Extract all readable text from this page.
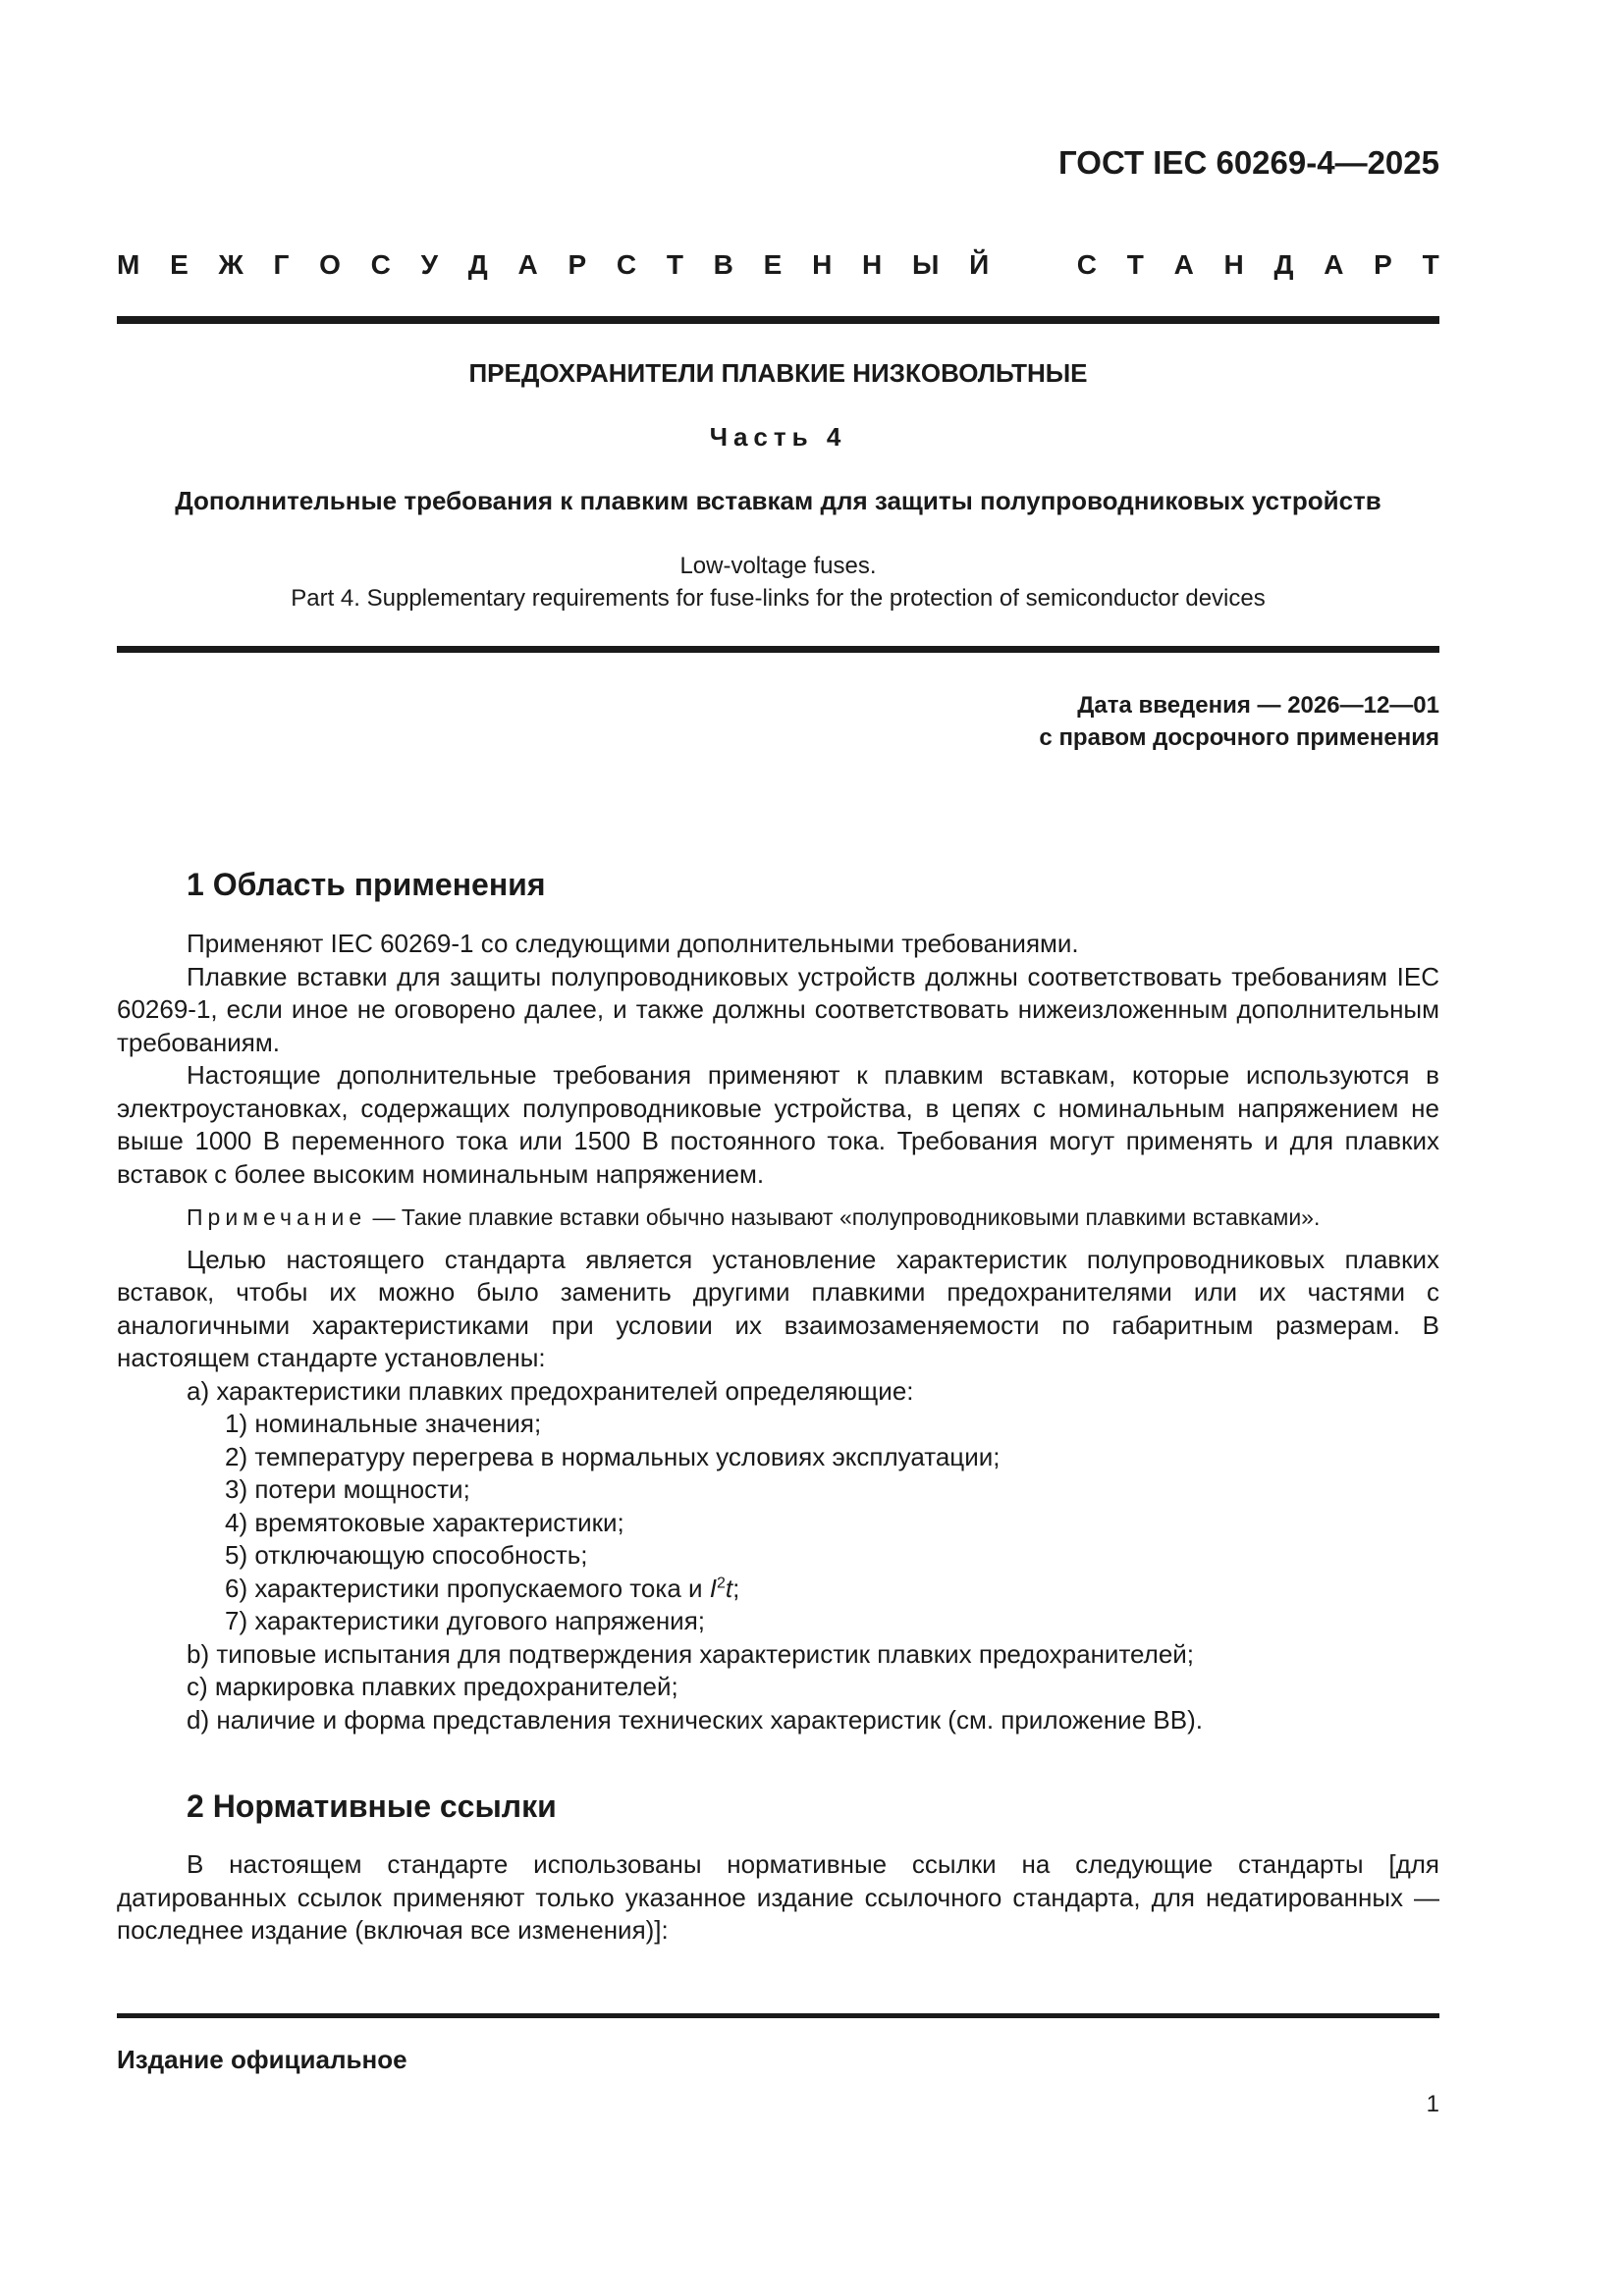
ГОСТ IEC 60269-4—2025
М Е Ж Г О С У Д А Р С Т В Е Н Н Ы Й	С Т А Н Д А Р Т
ПРЕДОХРАНИТЕЛИ ПЛАВКИЕ НИЗКОВОЛЬТНЫЕ
Часть 4
Дополнительные требования к плавким вставкам для защиты полупроводниковых устройств
Low-voltage fuses.
Part 4. Supplementary requirements for fuse-links for the protection of semiconductor devices
Дата введения — 2026—12—01
с правом досрочного применения
1 Область применения

Применяют IEC 60269-1 со следующими дополнительными требованиями.

Плавкие вставки для защиты полупроводниковых устройств должны соответствовать требованиям IEC 60269-1, если иное не оговорено далее, и также должны соответствовать нижеизложенным дополнительным требованиям.

Настоящие дополнительные требования применяют к плавким вставкам, которые используются в электроустановках, содержащих полупроводниковые устройства, в цепях с номинальным напряжением не выше 1000 В переменного тока или 1500 В постоянного тока. Требования могут применять и для плавких вставок с более высоким номинальным напряжением.

Примечание — Такие плавкие вставки обычно называют «полупроводниковыми плавкими вставками».

Целью настоящего стандарта является установление характеристик полупроводниковых плавких вставок, чтобы их можно было заменить другими плавкими предохранителями или их частями с аналогичными характеристиками при условии их взаимозаменяемости по габаритным размерам. В настоящем стандарте установлены:

a) характеристики плавких предохранителей определяющие:

1) номинальные значения;

2) температуру перегрева в нормальных условиях эксплуатации;

3) потери мощности;

4) времятоковые характеристики;

5) отключающую способность;

6) характеристики пропускаемого тока и $I^2t$;

7) характеристики дугового напряжения;

b) типовые испытания для подтверждения характеристик плавких предохранителей;

c) маркировка плавких предохранителей;

d) наличие и форма представления технических характеристик (см. приложение ВВ).

2 Нормативные ссылки

В настоящем стандарте использованы нормативные ссылки на следующие стандарты [для датированных ссылок применяют только указанное издание ссылочного стандарта, для недатированных — последнее издание (включая все изменения)]:

Издание официальное
1
